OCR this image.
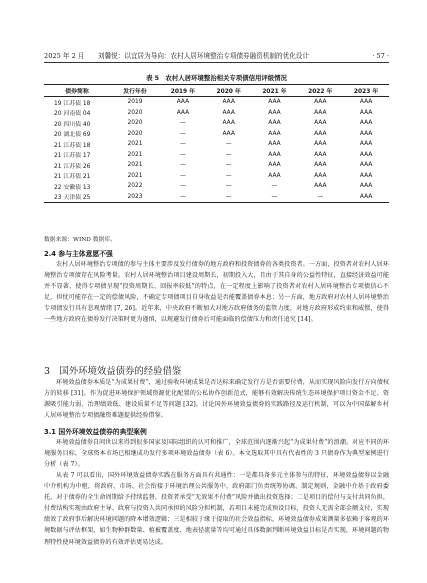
2025 年 2 月 刘馨悦：以宜居为导向：农村人居环境整治专项债券融资机制的优化设计	· 57 ·
表 5　农村人居环境整治相关专项债信用评级情况
债券简称	发行年份	2019 年	2020 年	2021 年	2022 年	2023 年
19 江苏债 18	2019	AAA	AAA	AAA	AAA	AAA
20 河南债 04	2020	AAA	AAA	AAA	AAA	AAA
20 四川债 40	2020	—	AAA	AAA	AAA	AAA
20 湖北债 69	2020	—	AAA	AAA	AAA	AAA
21 江苏债 18	2021	—	—	AAA	AAA	AAA
21 江苏债 17	2021	—	—	AAA	AAA	AAA
21 江苏债 26	2021	—	—	AAA	AAA	AAA
21 江苏债 21	2021	—	—	AAA	AAA	AAA
22 安徽债 13	2022	—	—	—	AAA	AAA
23 天津债 25	2023	—	—	—	—	AAA
数据来源：WIND 数据库。
2.4 参与主体意愿不强

农村人居环境整治专项债的参与主体主要涉及发行债券的地方政府和投资债券的各类投资者。一方面，投资者对农村人居环境整治专项债存在风险考量。农村人居环境整治项目建设周期长，初期投入大，且由于其自身的公益性特征，直接经济效益可能并不显著，使得专项债呈现“投资周期长、回报率较低”的特点，在一定程度上影响了投资者对农村人居环境整治专项债信心不足，担忧可能存在一定的偿债风险，不确定专项债项目自身收益是否能覆盖债券本息；另一方面，地方政府对农村人居环境整治专项债发行具有悲观情绪 [7, 26]。近年来，中央政府不断加大对地方政府债务的监管力度，对地方政府形成约束和威慑，使得一些地方政府在债券发行决策时更为谨慎，以规避发行债券后可能面临的偿债压力和责任追究 [14]。

3　国外环境效益债券的经验借鉴

环境效益债券本质是“为成果付费”，通过验收环境成果是否达标来确定发行方是否需要付费，从而实现风险向发行方向债权方的转移 [31]。作为促进环境保护领域资源优化配置的公私协作创新范式，能够有效解决传统生态环境保护项目资金不足、资源吸引能力弱、治理绩效低、建设质量不足等问题 [32]。讨论国外环境效益债券的实践路径及运行机制，可以为中国谋解乡村人居环境整治专项债融资难题提供经验借鉴。

3.1 国外环境效益债券的典型案例

环境效益债券自问世以来得到很多国家及国际组织的认可和推广，全球范围内逐渐兴起“为成果付费”的浪潮。对应不同的环境服务目标，全球资本市场已相继成功发行多项环境效益债券（表 6）。本文选取其中具有代表性的 3 只债券作为典型案例进行分析（表 7）。

从表 7 可以看出，国外环境效益债券实践在服务方面具有共通性：一是都具备多元主体参与的特征，环境效益债券以金融中介机构为中枢，将政府、市场、社会衔接于环境治理公共服务中，政府部门负责统筹协调、制定规则，金融中介基于政府委托，对于债券的全生命周期给予持续监督，投资者承受“无效果不付费”风险并做出投资选择；二是项目的偿付与支付共同负担，付费结构实现由政府主导、政府与投资人共同承担的风险分担机制，若项目未能完成预设目标，投资人无需全部金额支付，实现绩效了政府事后解决环境问题的降本增效逻辑；三是相较于缘于提取的社会效益指标，环境效益债券成果测量多依赖于客观的环境数据与评估框架，如生物种群数量、植被覆盖度、地表径流量等均可通过具体数据判断环境效益目标是否实现，环境问题的物理特性使环境效益债券的有效评估更易达成。
